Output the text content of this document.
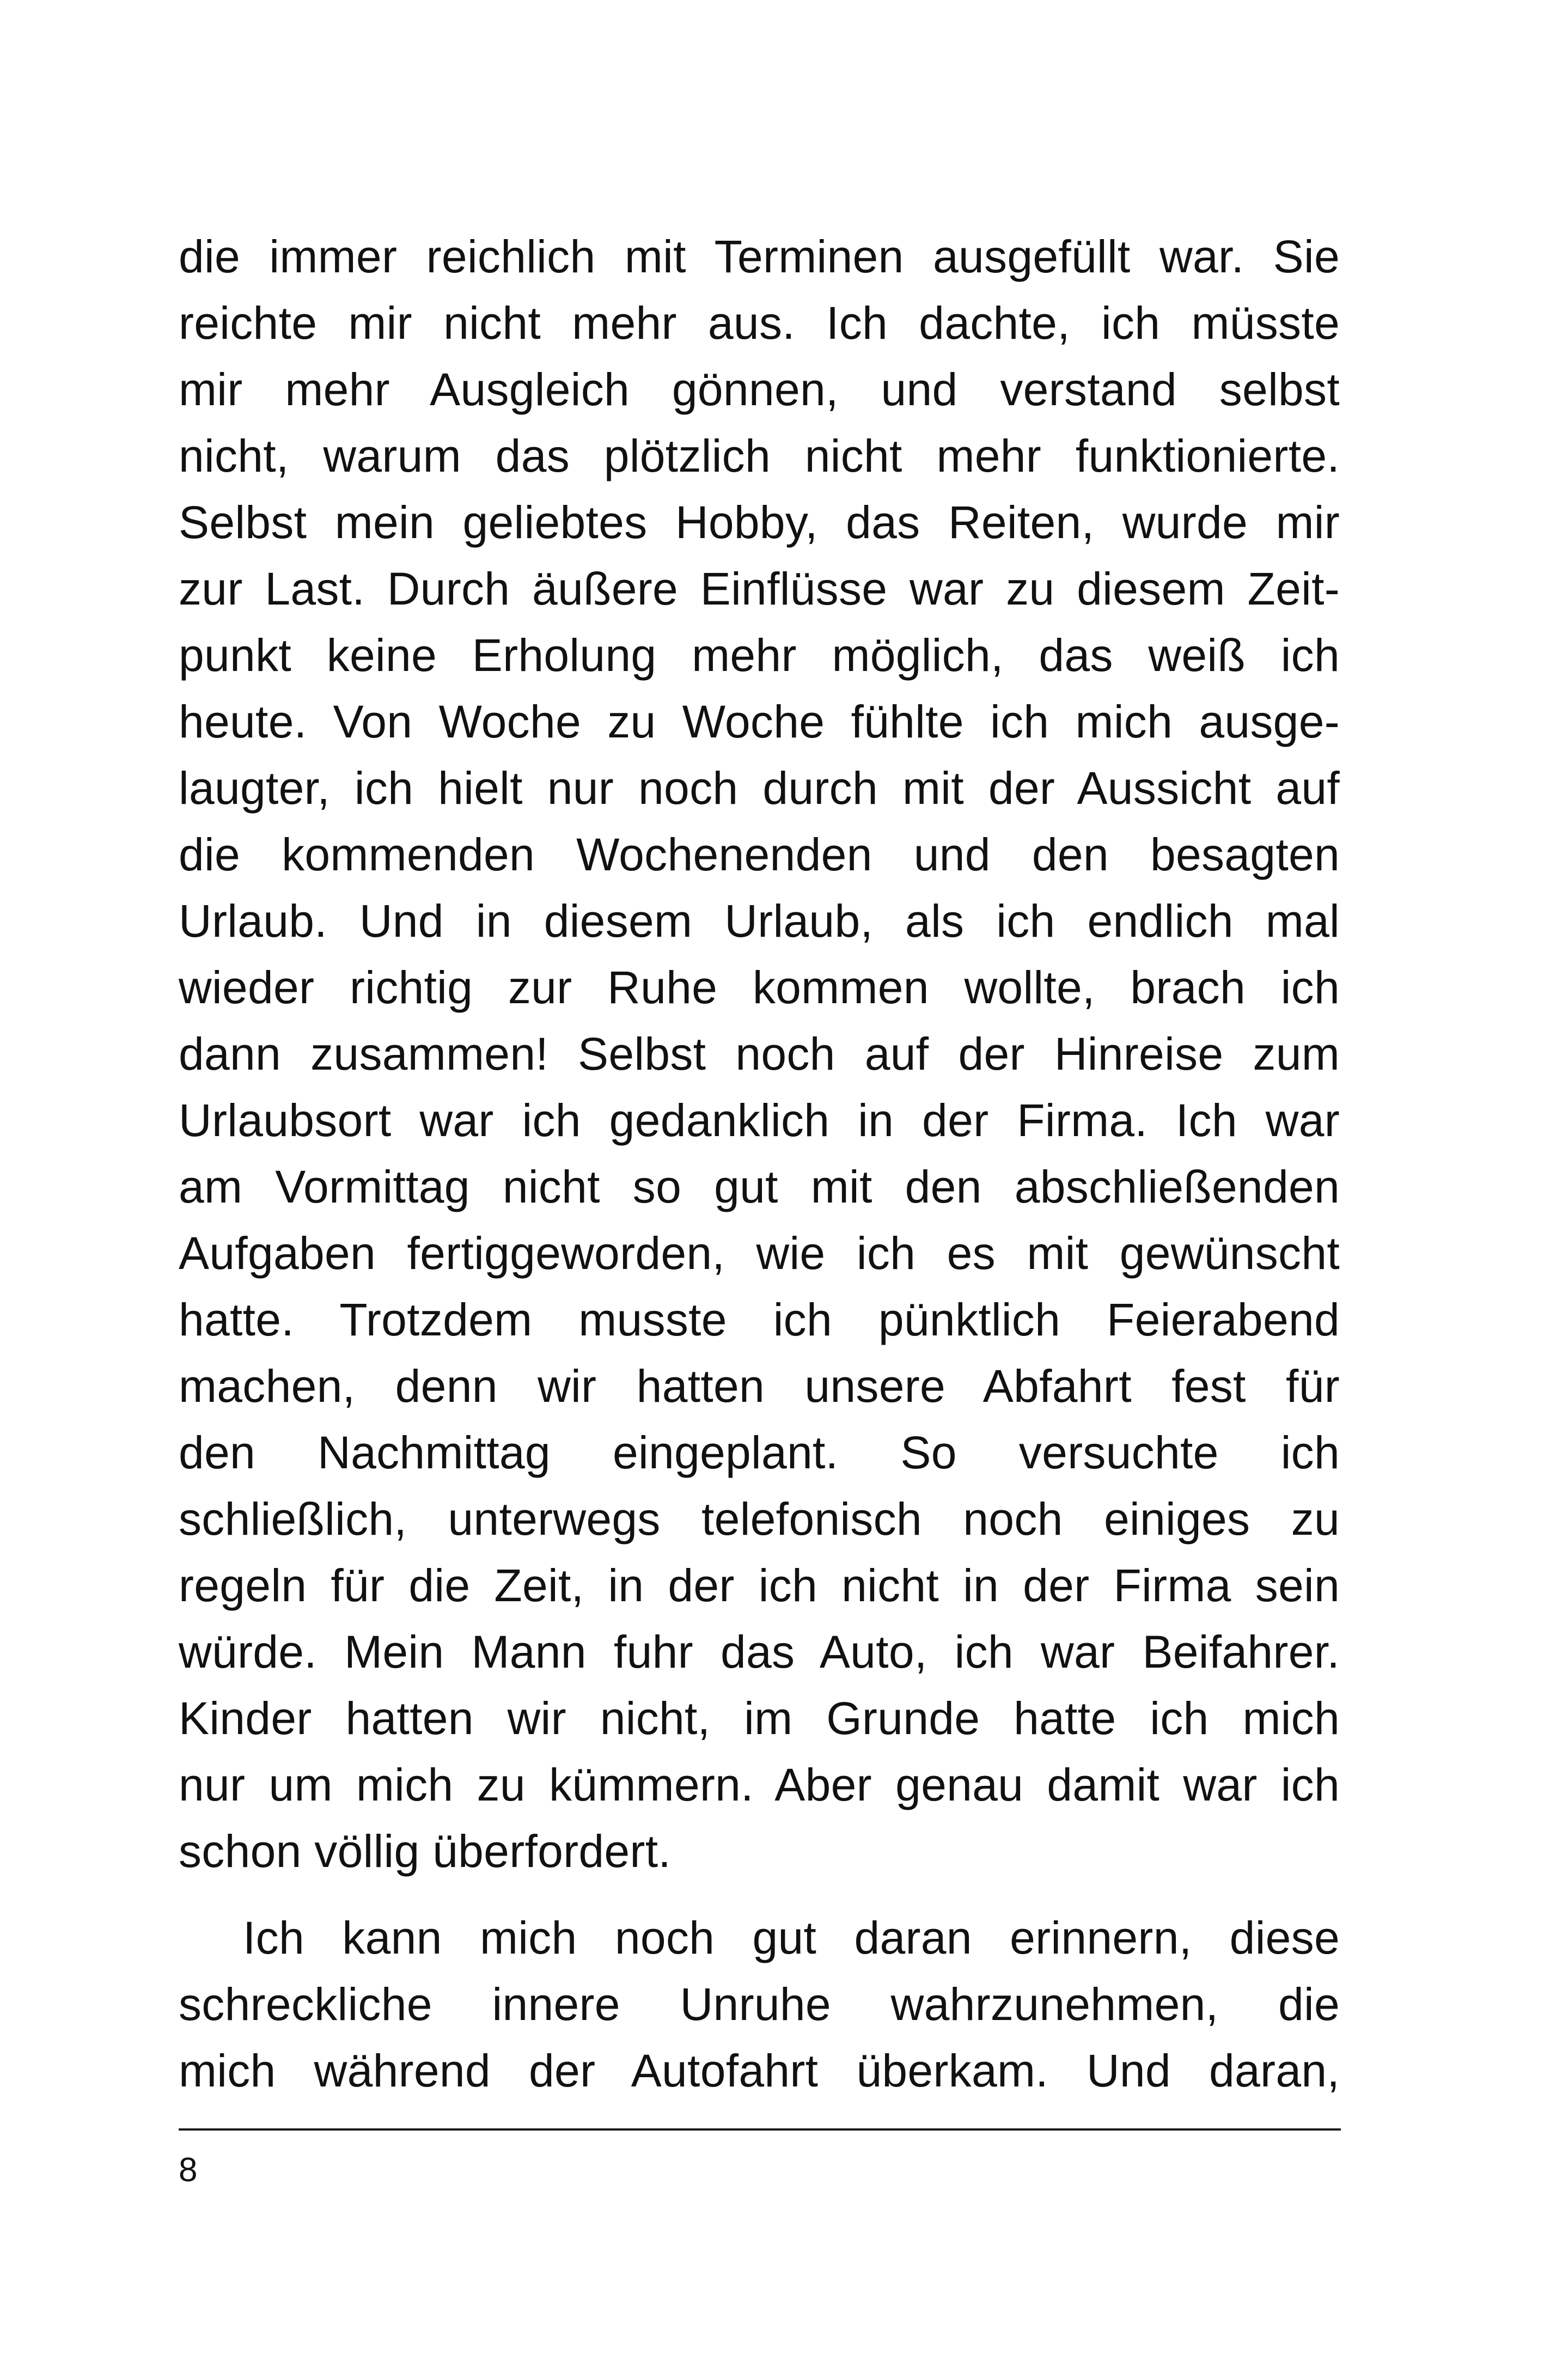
die immer reichlich mit Terminen ausgefüllt war. Sie
reichte mir nicht mehr aus. Ich dachte, ich müsste
mir mehr Ausgleich gönnen, und verstand selbst
nicht, warum das plötzlich nicht mehr funktionierte.
Selbst mein geliebtes Hobby, das Reiten, wurde mir
zur Last. Durch äußere Einflüsse war zu diesem Zeit-
punkt keine Erholung mehr möglich, das weiß ich
heute. Von Woche zu Woche fühlte ich mich ausge-
laugter, ich hielt nur noch durch mit der Aussicht auf
die kommenden Wochenenden und den besagten
Urlaub. Und in diesem Urlaub, als ich endlich mal
wieder richtig zur Ruhe kommen wollte, brach ich
dann zusammen! Selbst noch auf der Hinreise zum
Urlaubsort war ich gedanklich in der Firma. Ich war
am Vormittag nicht so gut mit den abschließenden
Aufgaben fertiggeworden, wie ich es mit gewünscht
hatte. Trotzdem musste ich pünktlich Feierabend
machen, denn wir hatten unsere Abfahrt fest für
den Nachmittag eingeplant. So versuchte ich
schließlich, unterwegs telefonisch noch einiges zu
regeln für die Zeit, in der ich nicht in der Firma sein
würde. Mein Mann fuhr das Auto, ich war Beifahrer.
Kinder hatten wir nicht, im Grunde hatte ich mich
nur um mich zu kümmern. Aber genau damit war ich
schon völlig überfordert.
Ich kann mich noch gut daran erinnern, diese
schreckliche innere Unruhe wahrzunehmen, die
mich während der Autofahrt überkam. Und daran,
8
